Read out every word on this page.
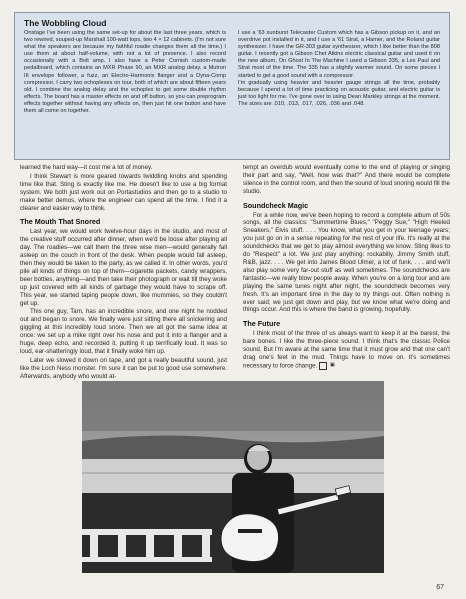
The Wobbling Cloud

Onstage I've been using the same set-up for about the last three years, which is two rewired, souped-up Marshall 100-watt tops, two 4 × 12 cabinets. (I'm not sure what the speakers are because my faithful roadie changes them all the time.) I use them at about half-volume, with not a lot of presence. I also record occasionally with a Bolt amp. I also have a Peter Cornish custom-made pedalboard, which contains an MXR Phase 90, an MXR analog delay, a Mutron III envelope follower, a fuzz, an Electro-Harmonix flanger and a Dyna-Comp compressor. I carry two echoplexes on tour, both of which are about fifteen years old. I combine the analog delay and the echoplex to get some double rhythm effects. The board has a master effects on and off button, so you can preprogram effects together without having any effects on, then just hit one button and have them all come on together.

I use a '63 sunburst Telecaster Custom which has a Gibson pickup on it, and an overdrive pot installed in it, and I use a '61 Strat, a Hamer, and the Roland guitar synthesizer. I have the GR-303 guitar synthesizer, which I like better than the 808 guitar. I recently got a Gibson Chet Atkins electric classical guitar and used it on the new album, On Ghost In The Machine I used a Gibson 335, a Les Paul and Strat most of the time. The 335 has a slightly warmer sound. On some pieces I started to get a good sound with a compressor.
I'm gradually using heavier and heavier gauge strings all the time, probably because I spend a lot of time practicing on acoustic guitar, and electric guitar is just too light for me. I've gone over to using Dean Markley strings at the moment. The sizes are .010, .013, .017, .026, .036 and .048.

learned the hard way—it cost me a lot of money.

I think Stewart is more geared towards twiddling knobs and spending time like that. Sting is exactly like me. He doesn't like to use a big format system. We both just work out on Portastudios and then go to a studio to make better demos, where the engineer can spend all the time. I find it a clearer and easier way to think.

The Mouth That Snored

Last year, we would work twelve-hour days in the studio, and most of the creative stuff occurred after dinner, when we'd be loose after playing all day. The roadies—we call them the three wise men—would generally fall asleep on the couch in front of the desk. When people would fall asleep, then they would be taken to the party, as we called it. In other words, you'd pile all kinds of things on top of them—cigarette packets, candy wrappers, beer bottles, anything—and then take their photograph or wait till they woke up just covered with all kinds of garbage they would have to scrape off. This year, we started taping people down, like mummies, so they couldn't get up.

This one guy, Tam, has an incredible snore, and one night he nodded out and began to snore. We finally were just sitting there all snickering and giggling at this incredibly loud snore. Then we all got the same idea at once: we set up a mike right over his nose and put it into a flanger and a huge, deep echo, and recorded it, putting it up terrifically loud. It was so loud, ear-shatteringly loud, that it finally woke him up.

Later we slowed it down on tape, and got a really beautiful sound, just like the Loch Ness monster. I'm sure it can be put to good use somewhere. Afterwards, anybody who would at-

tempt an overdub would eventually come to the end of playing or singing their part and say, "Well, how was that?" And there would be complete silence in the control room, and then the sound of loud snoring would fill the studio.

Soundcheck Magic

For a while now, we've been hoping to record a complete album of 50s songs, all the classics: "Summertime Blues," "Peggy Sue," "High Heeled Sneakers," Elvis stuff. . . . You know, what you get in your teenage years; you just go on in a sense repeating for the rest of your life. It's really at the soundchecks that we get to play almost everything we know. Sting likes to do "Respect" a lot. We just play anything: rockabilly, Jimmy Smith stuff, R&B, jazz. . . . We get into James Blood Ulmer, a lot of funk, . . . and we'll also play some very far-out stuff as well sometimes. The soundchecks are fantastic—we really blow people away. When you're on a long tour and are playing the same tunes night after night, the soundcheck becomes very fresh. It's an important time in the day to try things out. Often nothing is ever said; we just get down and play, but we know what we're doing and things occur. And this is where the band is growing, hopefully.

The Future

I think most of the three of us always want to keep it at the barest, the bare bones. I like the three-piece sound. I think that's the classic Police sound. But I'm aware at the same time that it must grow and that one can't drag one's feet in the mud. Things have to move on. It's sometimes necessary to force change.	▣

67
